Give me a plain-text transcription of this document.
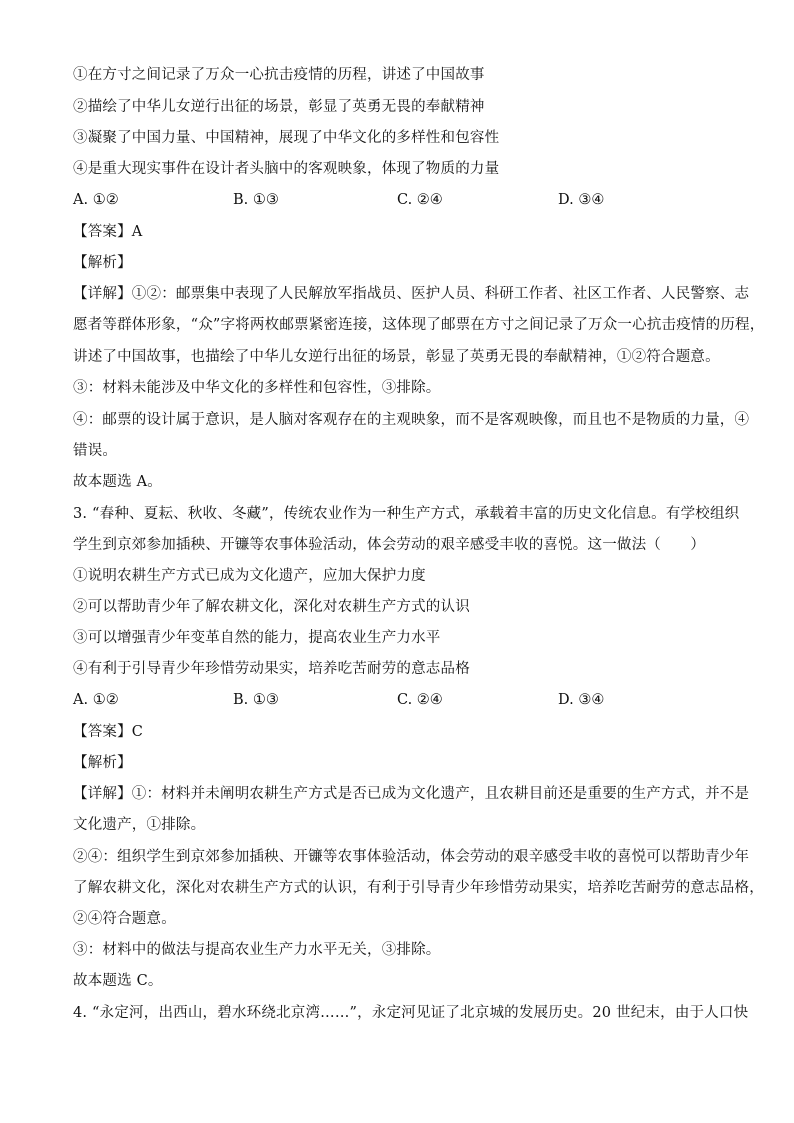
①在方寸之间记录了万众一心抗击疫情的历程，讲述了中国故事
②描绘了中华儿女逆行出征的场景，彰显了英勇无畏的奉献精神
③凝聚了中国力量、中国精神，展现了中华文化的多样性和包容性
④是重大现实事件在设计者头脑中的客观映象，体现了物质的力量
A. ①②	B. ①③	C. ②④	D. ③④
【答案】A
【解析】
【详解】①②：邮票集中表现了人民解放军指战员、医护人员、科研工作者、社区工作者、人民警察、志
愿者等群体形象，“众”字将两枚邮票紧密连接，这体现了邮票在方寸之间记录了万众一心抗击疫情的历程，
讲述了中国故事，也描绘了中华儿女逆行出征的场景，彰显了英勇无畏的奉献精神，①②符合题意。
③：材料未能涉及中华文化的多样性和包容性，③排除。
④：邮票的设计属于意识，是人脑对客观存在的主观映象，而不是客观映像，而且也不是物质的力量，④
错误。
故本题选 A。
3. “春种、夏耘、秋收、冬藏”，传统农业作为一种生产方式，承载着丰富的历史文化信息。有学校组织
学生到京郊参加插秧、开镰等农事体验活动，体会劳动的艰辛感受丰收的喜悦。这一做法（　　）
①说明农耕生产方式已成为文化遗产，应加大保护力度
②可以帮助青少年了解农耕文化，深化对农耕生产方式的认识
③可以增强青少年变革自然的能力，提高农业生产力水平
④有利于引导青少年珍惜劳动果实，培养吃苦耐劳的意志品格
A. ①②	B. ①③	C. ②④	D. ③④
【答案】C
【解析】
【详解】①：材料并未阐明农耕生产方式是否已成为文化遗产，且农耕目前还是重要的生产方式，并不是
文化遗产，①排除。
②④：组织学生到京郊参加插秧、开镰等农事体验活动，体会劳动的艰辛感受丰收的喜悦可以帮助青少年
了解农耕文化，深化对农耕生产方式的认识，有利于引导青少年珍惜劳动果实，培养吃苦耐劳的意志品格，
②④符合题意。
③：材料中的做法与提高农业生产力水平无关，③排除。
故本题选 C。
4. “永定河，出西山，碧水环绕北京湾……”，永定河见证了北京城的发展历史。20 世纪末，由于人口快
